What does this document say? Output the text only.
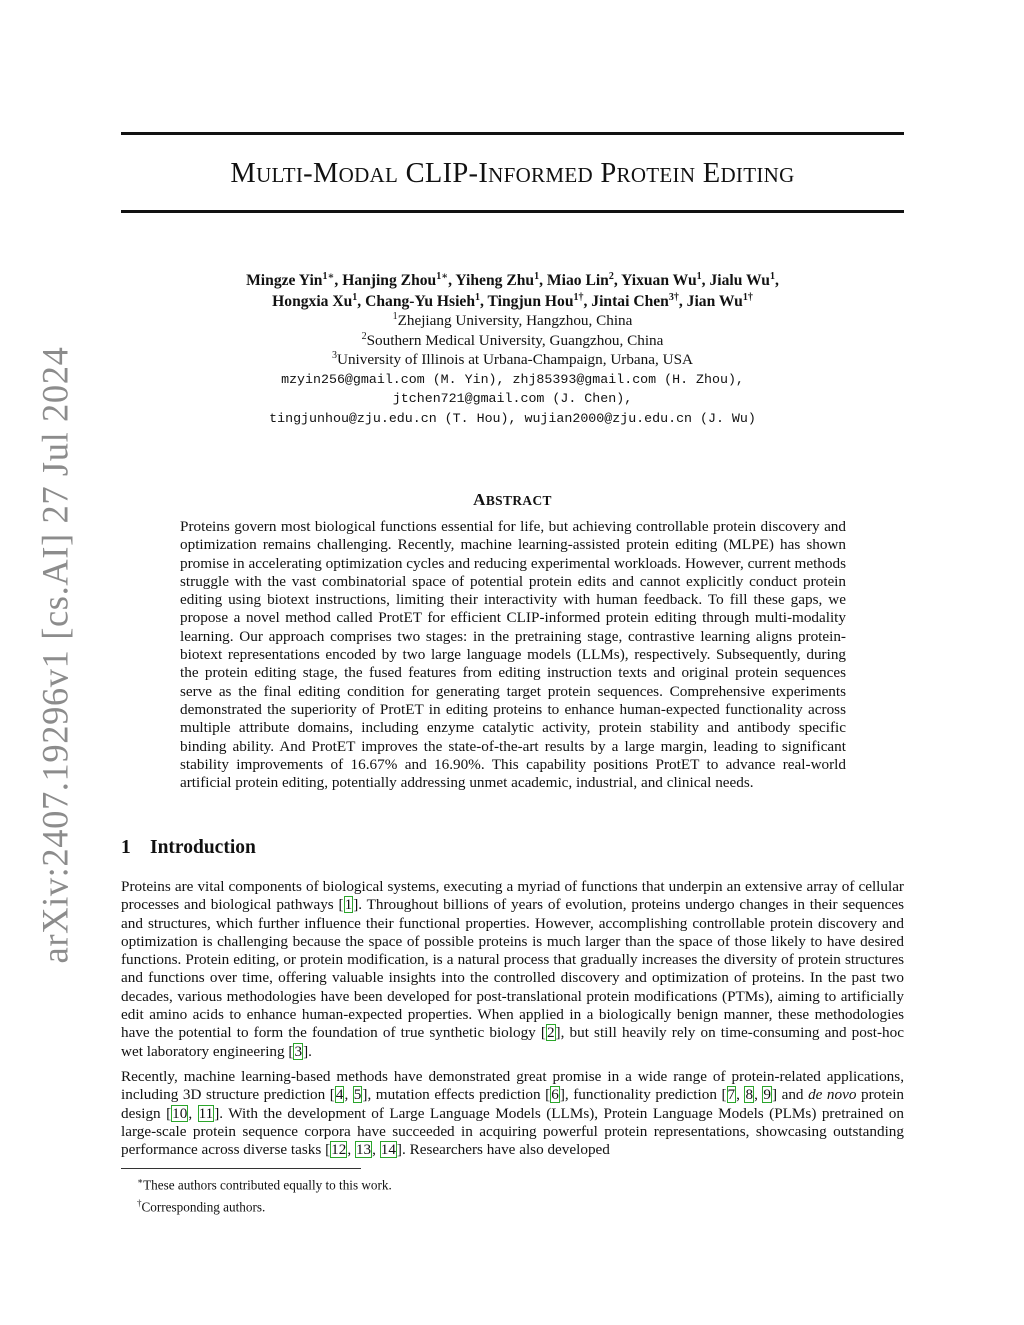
arXiv:2407.19296v1 [cs.AI] 27 Jul 2024
MULTI-MODAL CLIP-INFORMED PROTEIN EDITING
Mingze Yin$^{1∗}$, Hanjing Zhou$^{1∗}$, Yiheng Zhu$^1$, Miao Lin$^2$, Yixuan Wu$^1$, Jialu Wu$^1$,
Hongxia Xu$^1$, Chang-Yu Hsieh$^1$, Tingjun Hou$^{1\dagger}$, Jintai Chen$^{3\dagger}$, Jian $Wu^{1\dagger}$
$^1$Zhejiang University, Hangzhou, China
$^2$Southern Medical University, Guangzhou, China
$^3$University of Illinois at Urbana-Champaign, Urbana, USA
mzyin256@gmail.com (M. Yin), zhj85393@gmail.com (H. Zhou),
jtchen721@gmail.com (J. Chen),
tingjunhou@zju.edu.cn (T. Hou), wujian2000@zju.edu.cn (J. Wu)
ABSTRACT
Proteins govern most biological functions essential for life, but achieving controllable protein discovery and optimization remains challenging. Recently, machine learning-assisted protein editing (MLPE) has shown promise in accelerating optimization cycles and reducing experimental workloads. However, current methods struggle with the vast combinatorial space of potential protein edits and cannot explicitly conduct protein editing using biotext instructions, limiting their interactivity with human feedback. To fill these gaps, we propose a novel method called ProtET for efficient CLIP-informed protein editing through multi-modality learning. Our approach comprises two stages: in the pretraining stage, contrastive learning aligns protein-biotext representations encoded by two large language models (LLMs), respectively. Subsequently, during the protein editing stage, the fused features from editing instruction texts and original protein sequences serve as the final editing condition for generating target protein sequences. Comprehensive experiments demonstrated the superiority of ProtET in editing proteins to enhance human-expected functionality across multiple attribute domains, including enzyme catalytic activity, protein stability and antibody specific binding ability. And ProtET improves the state-of-the-art results by a large margin, leading to significant stability improvements of 16.67% and 16.90%. This capability positions ProtET to advance real-world artificial protein editing, potentially addressing unmet academic, industrial, and clinical needs.
1 Introduction

Proteins are vital components of biological systems, executing a myriad of functions that underpin an extensive array of cellular processes and biological pathways [1]. Throughout billions of years of evolution, proteins undergo changes in their sequences and structures, which further influence their functional properties. However, accomplishing controllable protein discovery and optimization is challenging because the space of possible proteins is much larger than the space of those likely to have desired functions. Protein editing, or protein modification, is a natural process that gradually increases the diversity of protein structures and functions over time, offering valuable insights into the controlled discovery and optimization of proteins. In the past two decades, various methodologies have been developed for post-translational protein modifications (PTMs), aiming to artificially edit amino acids to enhance human-expected properties. When applied in a biologically benign manner, these methodologies have the potential to form the foundation of true synthetic biology [2], but still heavily rely on time-consuming and post-hoc wet laboratory engineering [3].

Recently, machine learning-based methods have demonstrated great promise in a wide range of protein-related applications, including 3D structure prediction [4, 5], mutation effects prediction [6], functionality prediction [7, 8, 9] and de novo protein design [10, 11]. With the development of Large Language Models (LLMs), Protein Language Models (PLMs) pretrained on large-scale protein sequence corpora have succeeded in acquiring powerful protein representations, showcasing outstanding performance across diverse tasks [12, 13, 14]. Researchers have also developed

∗These authors contributed equally to this work.
†Corresponding authors.
